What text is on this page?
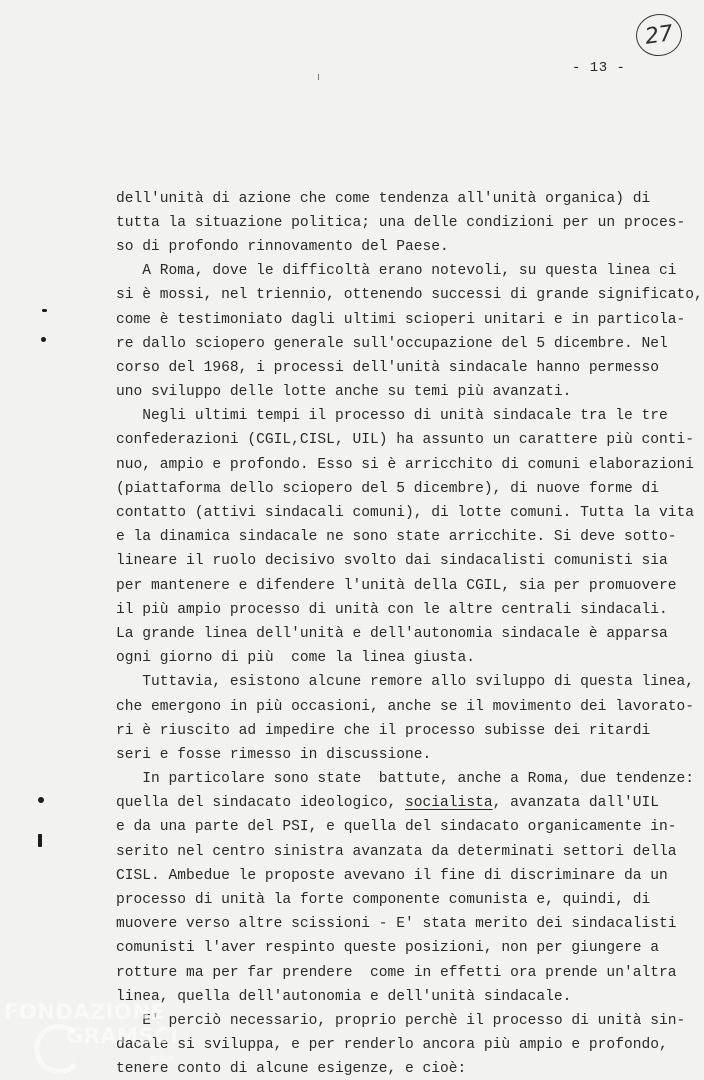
27
- 13 -

dell'unità di azione che come tendenza all'unità organica) di
tutta la situazione politica; una delle condizioni per un proces-
so di profondo rinnovamento del Paese.
A Roma, dove le difficoltà erano notevoli, su questa linea ci
si è mossi, nel triennio, ottenendo successi di grande significato,
come è testimoniato dagli ultimi scioperi unitari e in particola-
re dallo sciopero generale sull'occupazione del 5 dicembre. Nel
corso del 1968, i processi dell'unità sindacale hanno permesso
uno sviluppo delle lotte anche su temi più avanzati.
Negli ultimi tempi il processo di unità sindacale tra le tre
confederazioni (CGIL,CISL, UIL) ha assunto un carattere più conti-
nuo, ampio e profondo. Esso si è arricchito di comuni elaborazioni
(piattaforma dello sciopero del 5 dicembre), di nuove forme di
contatto (attivi sindacali comuni), di lotte comuni. Tutta la vita
e la dinamica sindacale ne sono state arricchite. Si deve sotto-
lineare il ruolo decisivo svolto dai sindacalisti comunisti sia
per mantenere e difendere l'unità della CGIL, sia per promuovere
il più ampio processo di unità con le altre centrali sindacali.
La grande linea dell'unità e dell'autonomia sindacale è apparsa
ogni giorno di più  come la linea giusta.
Tuttavia, esistono alcune remore allo sviluppo di questa linea,
che emergono in più occasioni, anche se il movimento dei lavorato-
ri è riuscito ad impedire che il processo subisse dei ritardi
seri e fosse rimesso in discussione.
In particolare sono state  battute, anche a Roma, due tendenze:
quella del sindacato ideologico, socialista, avanzata dall'UIL
e da una parte del PSI, e quella del sindacato organicamente in-
serito nel centro sinistra avanzata da determinati settori della
CISL. Ambedue le proposte avevano il fine di discriminare da un
processo di unità la forte componente comunista e, quindi, di
muovere verso altre scissioni - E' stata merito dei sindacalisti
comunisti l'aver respinto queste posizioni, non per giungere a
rotture ma per far prendere  come in effetti ora prende un'altra
linea, quella dell'autonomia e dell'unità sindacale.
E' perciò necessario, proprio perchè il processo di unità sin-
dacale si sviluppa, e per renderlo ancora più ampio e profondo,
tenere conto di alcune esigenze, e cioè:
FONDAZIONE
GRAMSCI
onlus
